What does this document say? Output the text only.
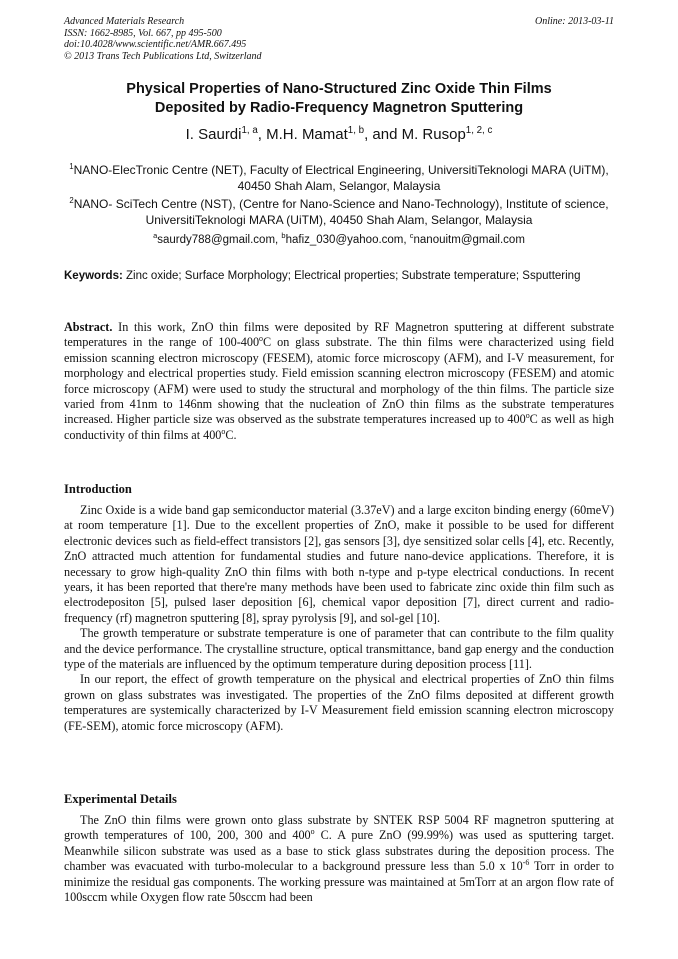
Advanced Materials Research
ISSN: 1662-8985, Vol. 667, pp 495-500
doi:10.4028/www.scientific.net/AMR.667.495
© 2013 Trans Tech Publications Ltd, Switzerland
Online: 2013-03-11
Physical Properties of Nano-Structured Zinc Oxide Thin Films
Deposited by Radio-Frequency Magnetron Sputtering
I. Saurdi$^{1, a}$, M.H. Mamat$^{1, b}$, and M. Rusop$^{1, 2, c}$
$^1$NANO-ElecTronic Centre (NET), Faculty of Electrical Engineering, UniversitiTeknologi MARA (UiTM), 40450 Shah Alam, Selangor, Malaysia
$^2$NANO- SciTech Centre (NST), (Centre for Nano-Science and Nano-Technology), Institute of science, UniversitiTeknologi MARA (UiTM), 40450 Shah Alam, Selangor, Malaysia
$^a$saurdy788@gmail.com, $^b$hafiz_030@yahoo.com, $^c$nanouitm@gmail.com
Keywords: Zinc oxide; Surface Morphology; Electrical properties; Substrate temperature; Ssputtering

Abstract. In this work, ZnO thin films were deposited by RF Magnetron sputtering at different substrate temperatures in the range of 100-400$^o$C on glass substrate. The thin films were characterized using field emission scanning electron microscopy (FESEM), atomic force microscopy (AFM), and I-V measurement, for morphology and electrical properties study. Field emission scanning electron microscopy (FESEM) and atomic force microscopy (AFM) were used to study the structural and morphology of the thin films. The particle size varied from 41nm to 146nm showing that the nucleation of ZnO thin films as the substrate temperatures increased. Higher particle size was observed as the substrate temperatures increased up to 400$^o$C as well as high conductivity of thin films at 400$^o$C.

Introduction

Zinc Oxide is a wide band gap semiconductor material (3.37eV) and a large exciton binding energy (60meV) at room temperature [1]. Due to the excellent properties of ZnO, make it possible to be used for different electronic devices such as field-effect transistors [2], gas sensors [3], dye sensitized solar cells [4], etc. Recently, ZnO attracted much attention for fundamental studies and future nano-device applications. Therefore, it is necessary to grow high-quality ZnO thin films with both n-type and p-type electrical conductions. In recent years, it has been reported that there're many methods have been used to fabricate zinc oxide thin film such as electrodepositon [5], pulsed laser deposition [6], chemical vapor deposition [7], direct current and radio-frequency (rf) magnetron sputtering [8], spray pyrolysis [9], and sol-gel [10].

The growth temperature or substrate temperature is one of parameter that can contribute to the film quality and the device performance. The crystalline structure, optical transmittance, band gap energy and the conduction type of the materials are influenced by the optimum temperature during deposition process [11].

In our report, the effect of growth temperature on the physical and electrical properties of ZnO thin films grown on glass substrates was investigated. The properties of the ZnO films deposited at different growth temperatures are systemically characterized by I-V Measurement field emission scanning electron microscopy (FE-SEM), atomic force microscopy (AFM).

Experimental Details

The ZnO thin films were grown onto glass substrate by SNTEK RSP 5004 RF magnetron sputtering at growth temperatures of 100, 200, 300 and 400$^o$ C. A pure ZnO (99.99%) was used as sputtering target. Meanwhile silicon substrate was used as a base to stick glass substrates during the deposition process. The chamber was evacuated with turbo-molecular to a background pressure less than 5.0 x $10^{-6}$ Torr in order to minimize the residual gas components. The working pressure was maintained at 5mTorr at an argon flow rate of 100sccm while Oxygen flow rate 50sccm had been
